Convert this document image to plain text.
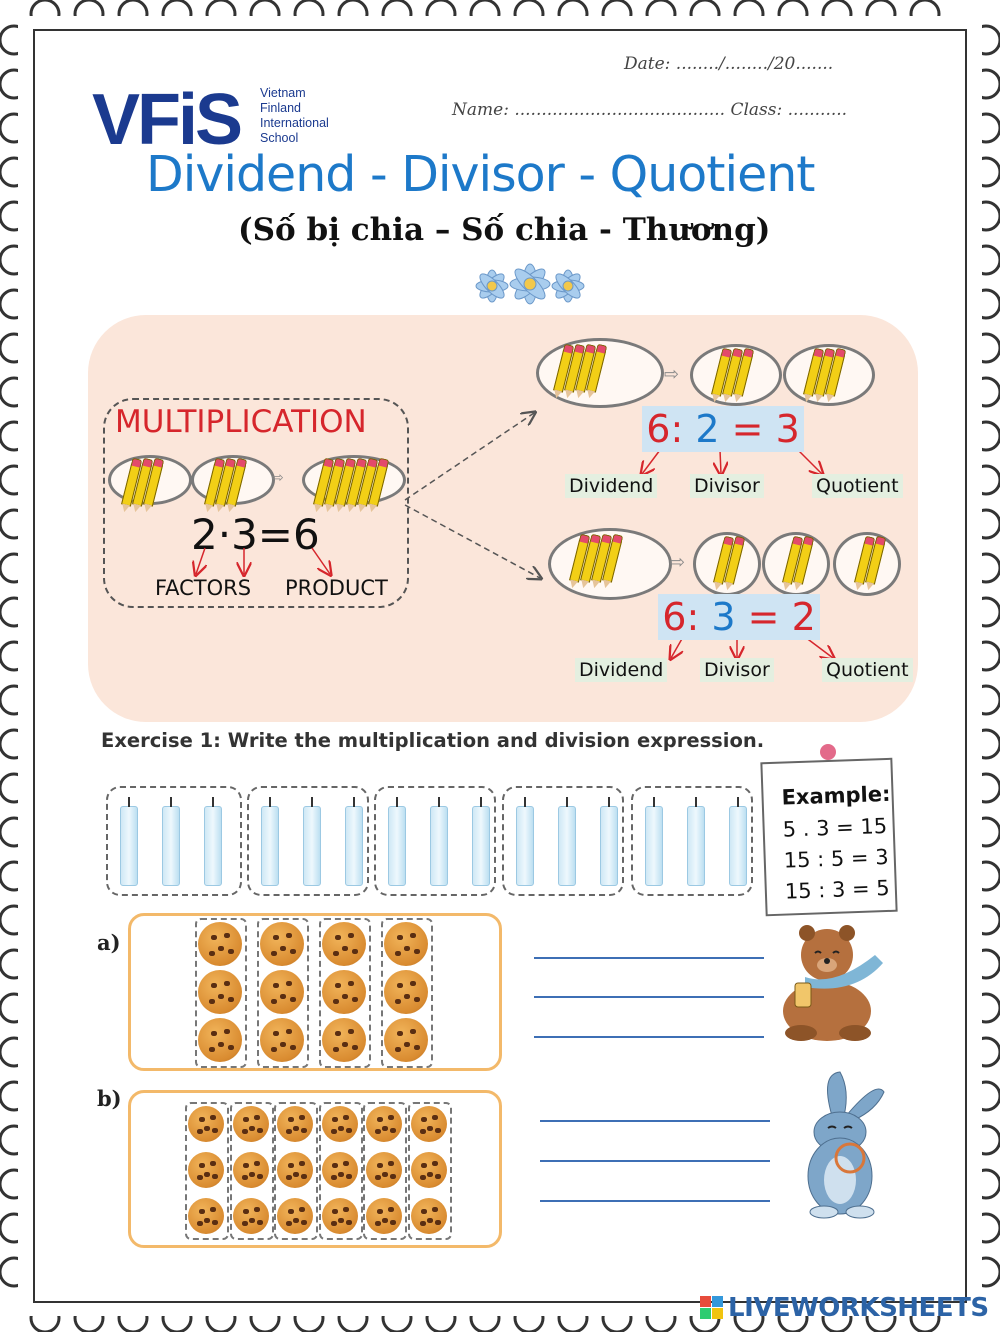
Date: ......../......../20.......
Name: ....................................... Class: ...........
VFiS Vietnam
Finland
International
School
Dividend - Divisor - Quotient
(Số bị chia – Số chia - Thương)
MULTIPLICATION
2·3=6
FACTORS PRODUCT
⇨
⇨
⇨
6: 2 = 3
Dividend Divisor	Quotient
6: 3 = 2
Dividend Divisor	Quotient
Exercise 1: Write the multiplication and division expression.
Example:
5 . 3 = 15
15 : 5 = 3
15 : 3 = 5
a)
b)
LIVEWORKSHEETS
